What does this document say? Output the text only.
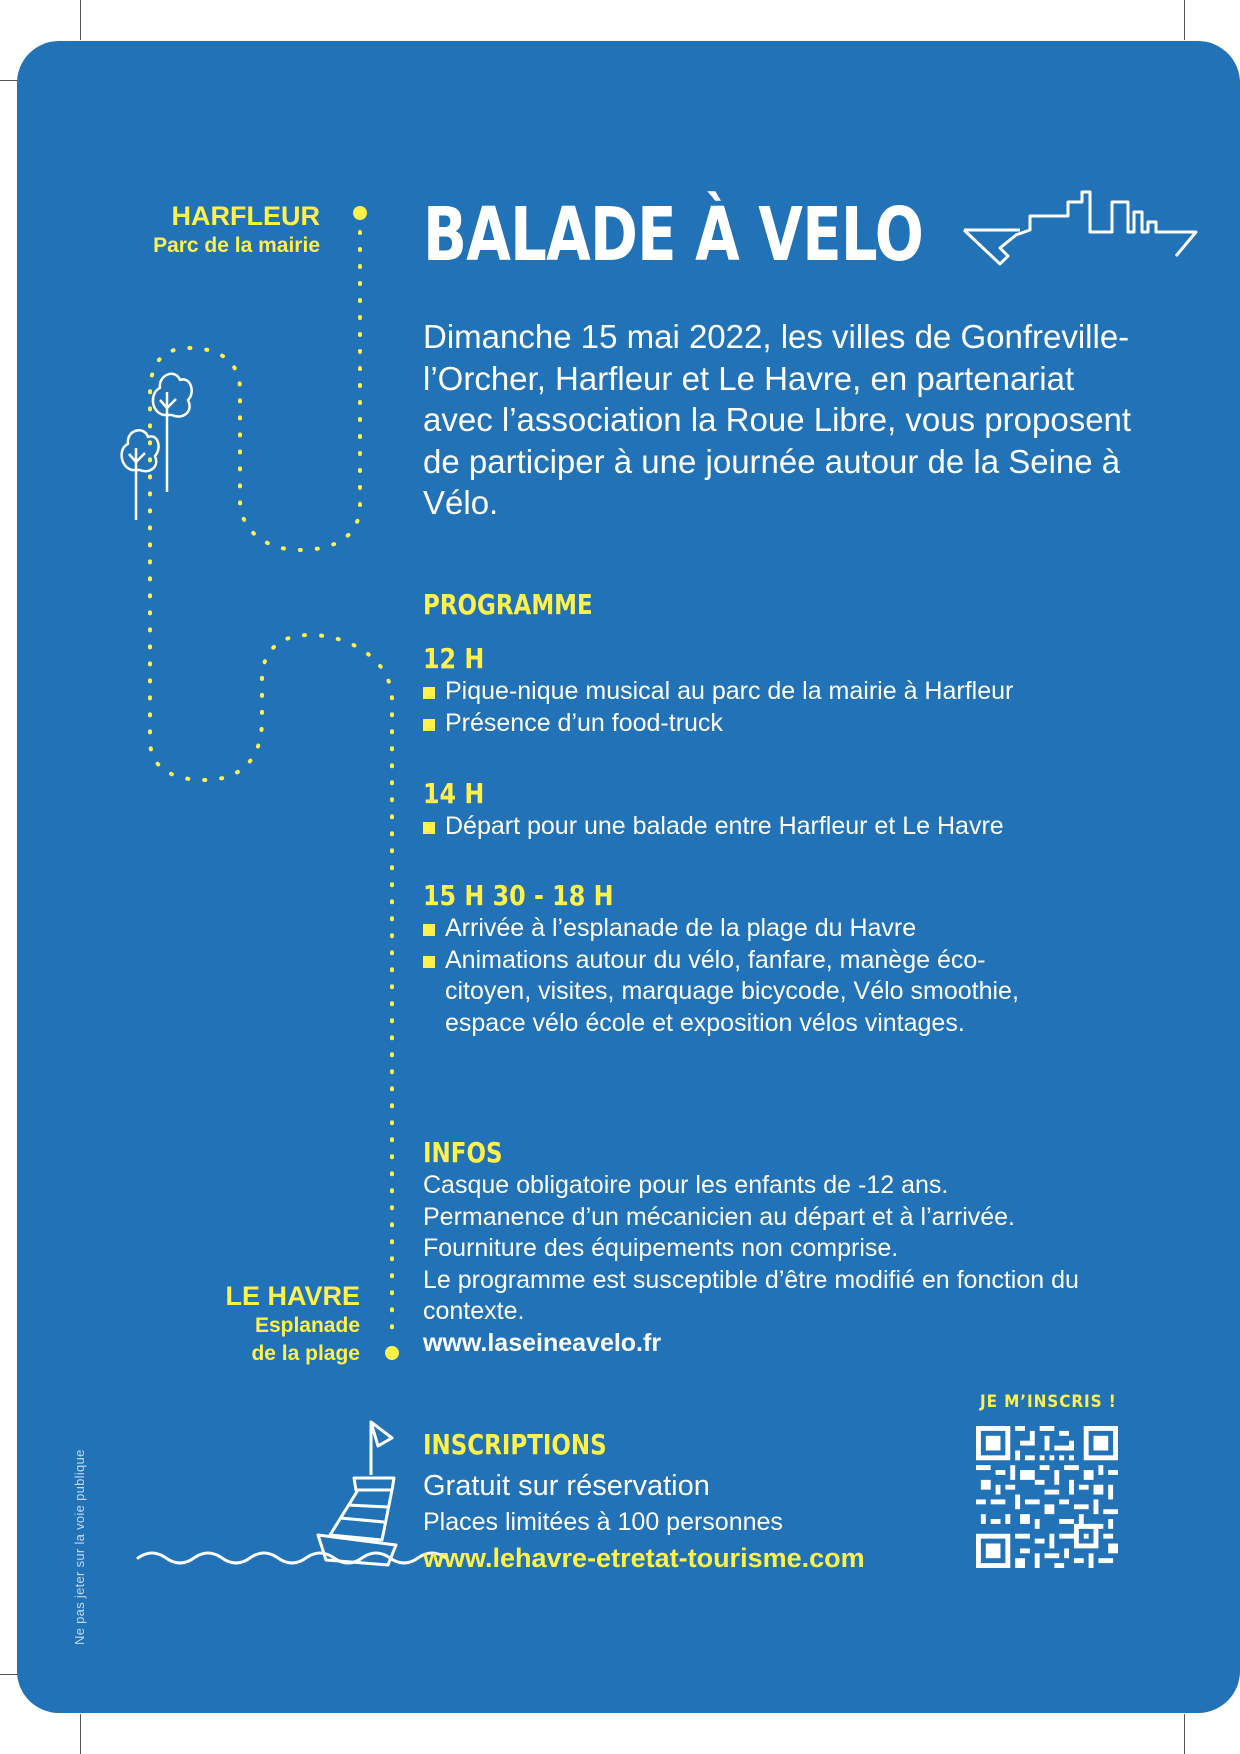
HARFLEUR
Parc de la mairie
LE HAVRE
Esplanade
de la plage
BALADE À VELO
Dimanche 15 mai 2022, les villes de Gonfreville-l’Orcher, Harfleur et Le Havre, en partenariat avec l’association la Roue Libre, vous proposent de participer à une journée autour de la Seine à Vélo.
PROGRAMME
12 H
Pique-nique musical au parc de la mairie à Harfleur
Présence d’un food-truck
14 H
Départ pour une balade entre Harfleur et Le Havre
15 H 30 - 18 H
Arrivée à l’esplanade de la plage du Havre
Animations autour du vélo, fanfare, manège éco-citoyen, visites, marquage bicycode, Vélo smoothie, espace vélo école et exposition vélos vintages.
INFOS
Casque obligatoire pour les enfants de -12 ans.
Permanence d’un mécanicien au départ et à l’arrivée.
Fourniture des équipements non comprise.
Le programme est susceptible d’être modifié en fonction du contexte.
www.laseineavelo.fr
INSCRIPTIONS
Gratuit sur réservation
Places limitées à 100 personnes
www.lehavre-etretat-tourisme.com
JE M’INSCRIS !
Ne pas jeter sur la voie publique
